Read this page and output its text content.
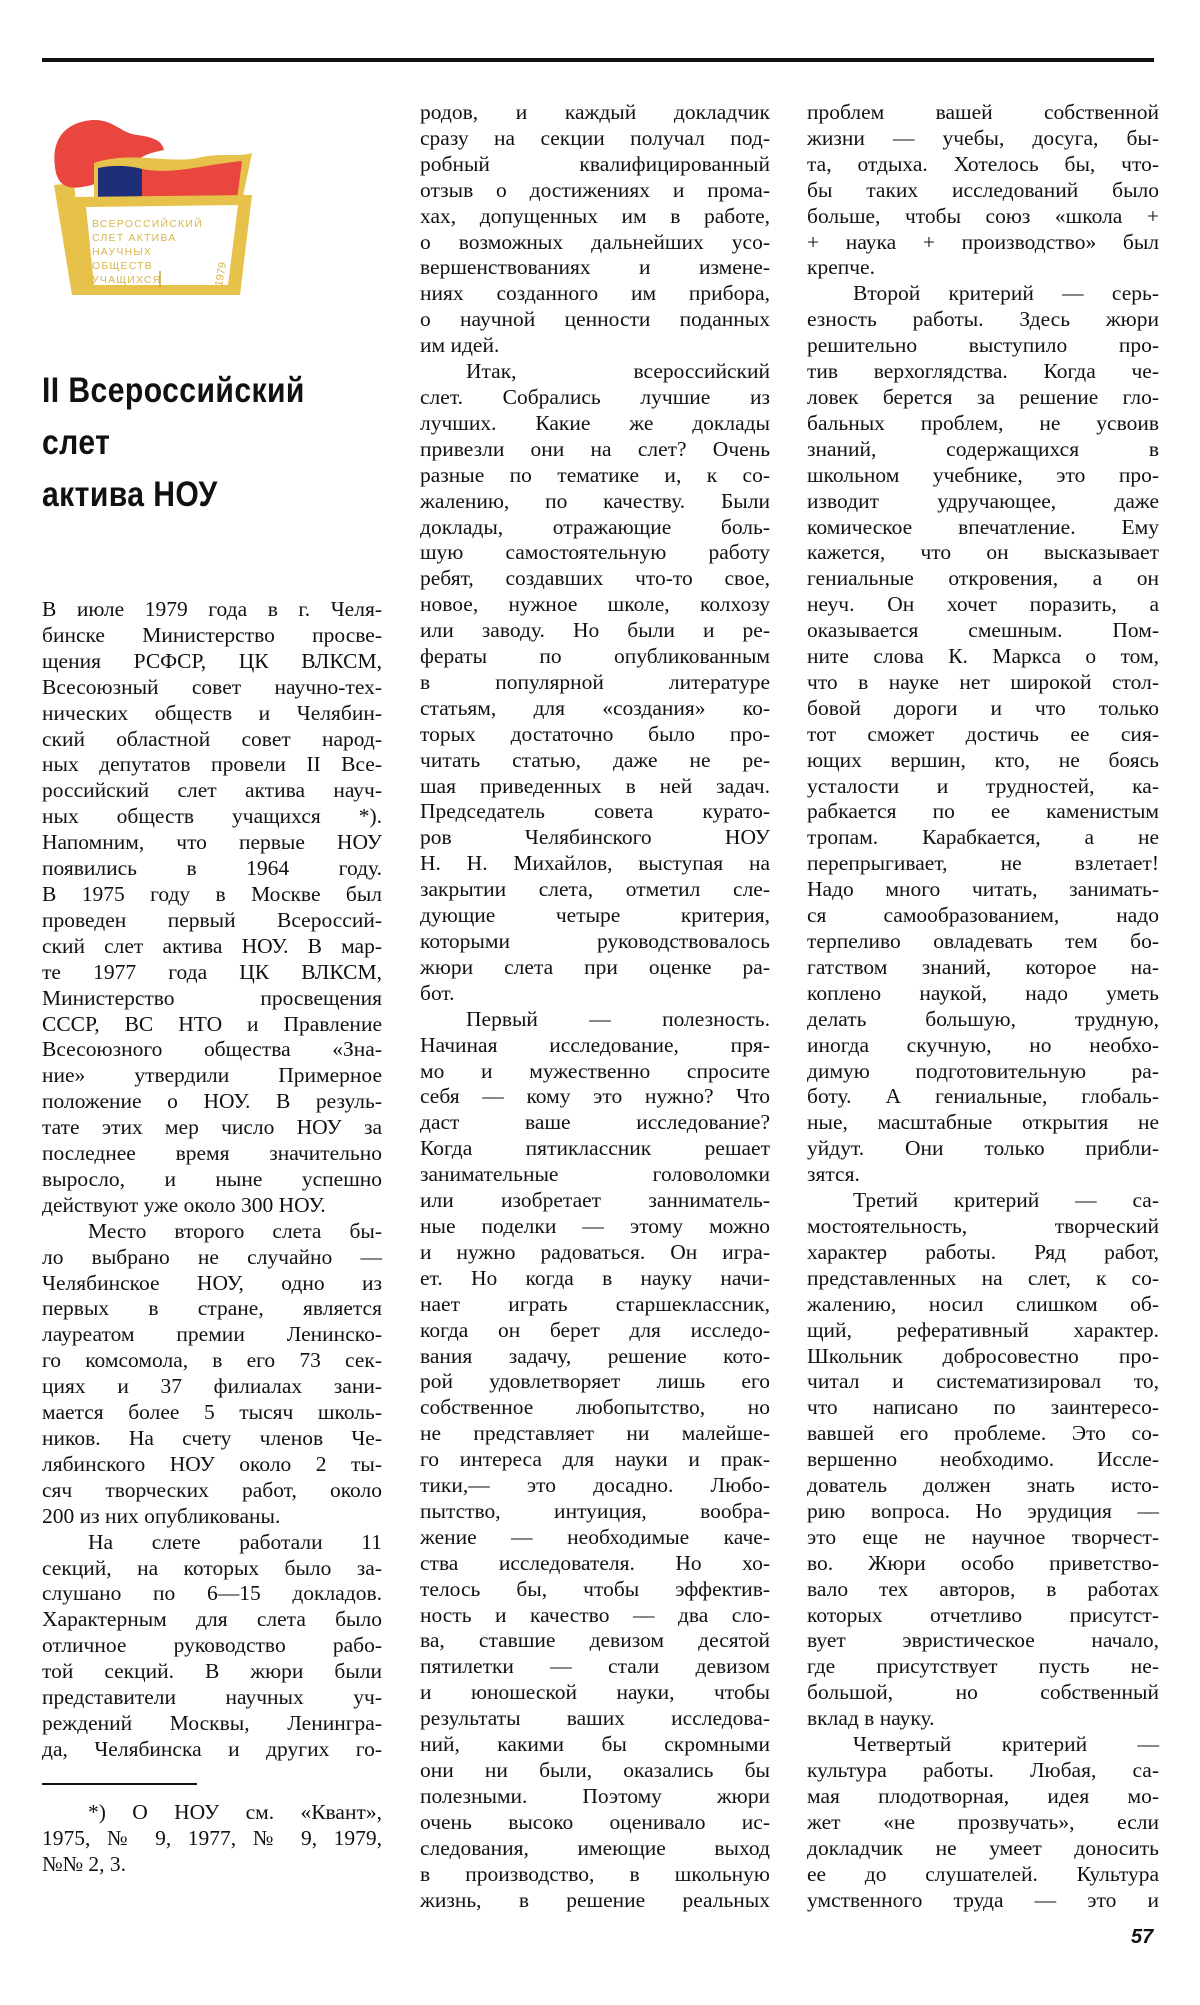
ВСЕРОССИЙСКИЙ
СЛЕТ АКТИВА
НАУЧНЫХ
ОБЩЕСТВ
УЧАЩИХСЯ	1979
II Всероссийский
слет
актива НОУ
В июле 1979 года в г. Челя-
бинске Министерство просве-
щения РСФСР, ЦК ВЛКСМ,
Всесоюзный совет научно-тех-
нических обществ и Челябин-
ский областной совет народ-
ных депутатов провели II Все-
российский слет актива науч-
ных обществ учащихся *).
Напомним, что первые НОУ
появились в 1964 году.
В 1975 году в Москве был
проведен первый Всероссий-
ский слет актива НОУ. В мар-
те 1977 года ЦК ВЛКСМ,
Министерство просвещения
СССР, ВС НТО и Правление
Всесоюзного общества «Зна-
ние» утвердили Примерное
положение о НОУ. В резуль-
тате этих мер число НОУ за
последнее время значительно
выросло, и ныне успешно
действуют уже около 300 НОУ.
Место второго слета бы-
ло выбрано не случайно —
Челябинское НОУ, одно из
первых в стране, является
лауреатом премии Ленинско-
го комсомола, в его 73 сек-
циях и 37 филиалах зани-
мается более 5 тысяч школь-
ников. На счету членов Че-
лябинского НОУ около 2 ты-
сяч творческих работ, около
200 из них опубликованы.
На слете работали 11
секций, на которых было за-
слушано по 6—15 докладов.
Характерным для слета было
отличное руководство рабо-
той секций. В жюри были
представители научных уч-
реждений Москвы, Ленингра-
да, Челябинска и других го-
родов, и каждый докладчик
сразу на секции получал под-
робный квалифицированный
отзыв о достижениях и прома-
хах, допущенных им в работе,
о возможных дальнейших усо-
вершенствованиях и измене-
ниях созданного им прибора,
о научной ценности поданных
им идей.
Итак, всероссийский
слет. Собрались лучшие из
лучших. Какие же доклады
привезли они на слет? Очень
разные по тематике и, к со-
жалению, по качеству. Были
доклады, отражающие боль-
шую самостоятельную работу
ребят, создавших что-то свое,
новое, нужное школе, колхозу
или заводу. Но были и ре-
фераты по опубликованным
в популярной литературе
статьям, для «создания» ко-
торых достаточно было про-
читать статью, даже не ре-
шая приведенных в ней задач.
Председатель совета курато-
ров Челябинского НОУ
Н. Н. Михайлов, выступая на
закрытии слета, отметил сле-
дующие четыре критерия,
которыми руководствовалось
жюри слета при оценке ра-
бот.
Первый — полезность.
Начиная исследование, пря-
мо и мужественно спросите
себя — кому это нужно? Что
даст ваше исследование?
Когда пятиклассник решает
занимательные головоломки
или изобретает занниматель-
ные поделки — этому можно
и нужно радоваться. Он игра-
ет. Но когда в науку начи-
нает играть старшеклассник,
когда он берет для исследо-
вания задачу, решение кото-
рой удовлетворяет лишь его
собственное любопытство, но
не представляет ни малейше-
го интереса для науки и прак-
тики,— это досадно. Любо-
пытство, интуиция, вообра-
жение — необходимые каче-
ства исследователя. Но хо-
телось бы, чтобы эффектив-
ность и качество — два сло-
ва, ставшие девизом десятой
пятилетки — стали девизом
и юношеской науки, чтобы
результаты ваших исследова-
ний, какими бы скромными
они ни были, оказались бы
полезными. Поэтому жюри
очень высоко оценивало ис-
следования, имеющие выход
в производство, в школьную
жизнь, в решение реальных
проблем вашей собственной
жизни — учебы, досуга, бы-
та, отдыха. Хотелось бы, что-
бы таких исследований было
больше, чтобы союз «школа +
+ наука + производство» был
крепче.
Второй критерий — серь-
езность работы. Здесь жюри
решительно выступило про-
тив верхоглядства. Когда че-
ловек берется за решение гло-
бальных проблем, не усвоив
знаний, содержащихся в
школьном учебнике, это про-
изводит удручающее, даже
комическое впечатление. Ему
кажется, что он высказывает
гениальные откровения, а он
неуч. Он хочет поразить, а
оказывается смешным. Пом-
ните слова К. Маркса о том,
что в науке нет широкой стол-
бовой дороги и что только
тот сможет достичь ее сия-
ющих вершин, кто, не боясь
усталости и трудностей, ка-
рабкается по ее каменистым
тропам. Карабкается, а не
перепрыгивает, не взлетает!
Надо много читать, занимать-
ся самообразованием, надо
терпеливо овладевать тем бо-
гатством знаний, которое на-
коплено наукой, надо уметь
делать большую, трудную,
иногда скучную, но необхо-
димую подготовительную ра-
боту. А гениальные, глобаль-
ные, масштабные открытия не
уйдут. Они только прибли-
зятся.
Третий критерий — са-
мостоятельность, творческий
характер работы. Ряд работ,
представленных на слет, к со-
жалению, носил слишком об-
щий, реферативный характер.
Школьник добросовестно про-
читал и систематизировал то,
что написано по заинтересо-
вавшей его проблеме. Это со-
вершенно необходимо. Иссле-
дователь должен знать исто-
рию вопроса. Но эрудиция —
это еще не научное творчест-
во. Жюри особо приветство-
вало тех авторов, в работах
которых отчетливо присутст-
вует эвристическое начало,
где присутствует пусть не-
большой, но собственный
вклад в науку.
Четвертый критерий —
культура работы. Любая, са-
мая плодотворная, идея мо-
жет «не прозвучать», если
докладчик не умеет доносить
ее до слушателей. Культура
умственного труда — это и
*) О НОУ см. «Квант»,
1975, № 9, 1977, № 9, 1979,
№№ 2, 3.
57
